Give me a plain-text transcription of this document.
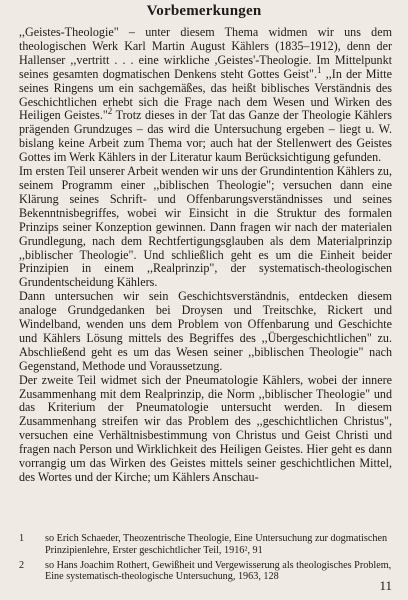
Vorbemerkungen

,,Geistes-Theologie" – unter diesem Thema widmen wir uns dem theologischen Werk Karl Martin August Kählers (1835–1912), denn der Hallenser ,,vertritt . . . eine wirkliche ,Geistes'-Theologie. Im Mittelpunkt seines gesamten dogmatischen Denkens steht Gottes Geist".$^1$ ,,In der Mitte seines Ringens um ein sachgemäßes, das heißt biblisches Verständnis des Geschichtlichen erhebt sich die Frage nach dem Wesen und Wirken des Heiligen Geistes."$^2$ Trotz dieses in der Tat das Ganze der Theologie Kählers prägenden Grundzuges – das wird die Untersuchung ergeben – liegt u. W. bislang keine Arbeit zum Thema vor; auch hat der Stellenwert des Geistes Gottes im Werk Kählers in der Literatur kaum Berücksichtigung gefunden.

Im ersten Teil unserer Arbeit wenden wir uns der Grundintention Kählers zu, seinem Programm einer ,,biblischen Theologie"; versuchen dann eine Klärung seines Schrift- und Offenbarungsverständnisses und seines Bekenntnisbegriffes, wobei wir Einsicht in die Struktur des formalen Prinzips seiner Konzeption gewinnen. Dann fragen wir nach der materialen Grundlegung, nach dem Rechtfertigungsglauben als dem Materialprinzip ,,biblischer Theologie". Und schließlich geht es um die Einheit beider Prinzipien in einem ,,Realprinzip", der systematisch-theologischen Grundentscheidung Kählers.

Dann untersuchen wir sein Geschichtsverständnis, entdecken diesem analoge Grundgedanken bei Droysen und Treitschke, Rickert und Windelband, wenden uns dem Problem von Offenbarung und Geschichte und Kählers Lösung mittels des Begriffes des ,,Übergeschichtlichen" zu. Abschließend geht es um das Wesen seiner ,,biblischen Theologie" nach Gegenstand, Methode und Voraussetzung.

Der zweite Teil widmet sich der Pneumatologie Kählers, wobei der innere Zusammenhang mit dem Realprinzip, die Norm ,,biblischer Theologie" und das Kriterium der Pneumatologie untersucht werden. In diesem Zusammenhang streifen wir das Problem des ,,geschichtlichen Christus", versuchen eine Verhältnisbestimmung von Christus und Geist Christi und fragen nach Person und Wirklichkeit des Heiligen Geistes. Hier geht es dann vorrangig um das Wirken des Geistes mittels seiner geschichtlichen Mittel, des Wortes und der Kirche; um Kählers Anschau-

1	so Erich Schaeder, Theozentrische Theologie, Eine Untersuchung zur dogmatischen Prinzipienlehre, Erster geschichtlicher Teil, 1916², 91
2	so Hans Joachim Rothert, Gewißheit und Vergewisserung als theologisches Problem, Eine systematisch-theologische Untersuchung, 1963, 128
11
